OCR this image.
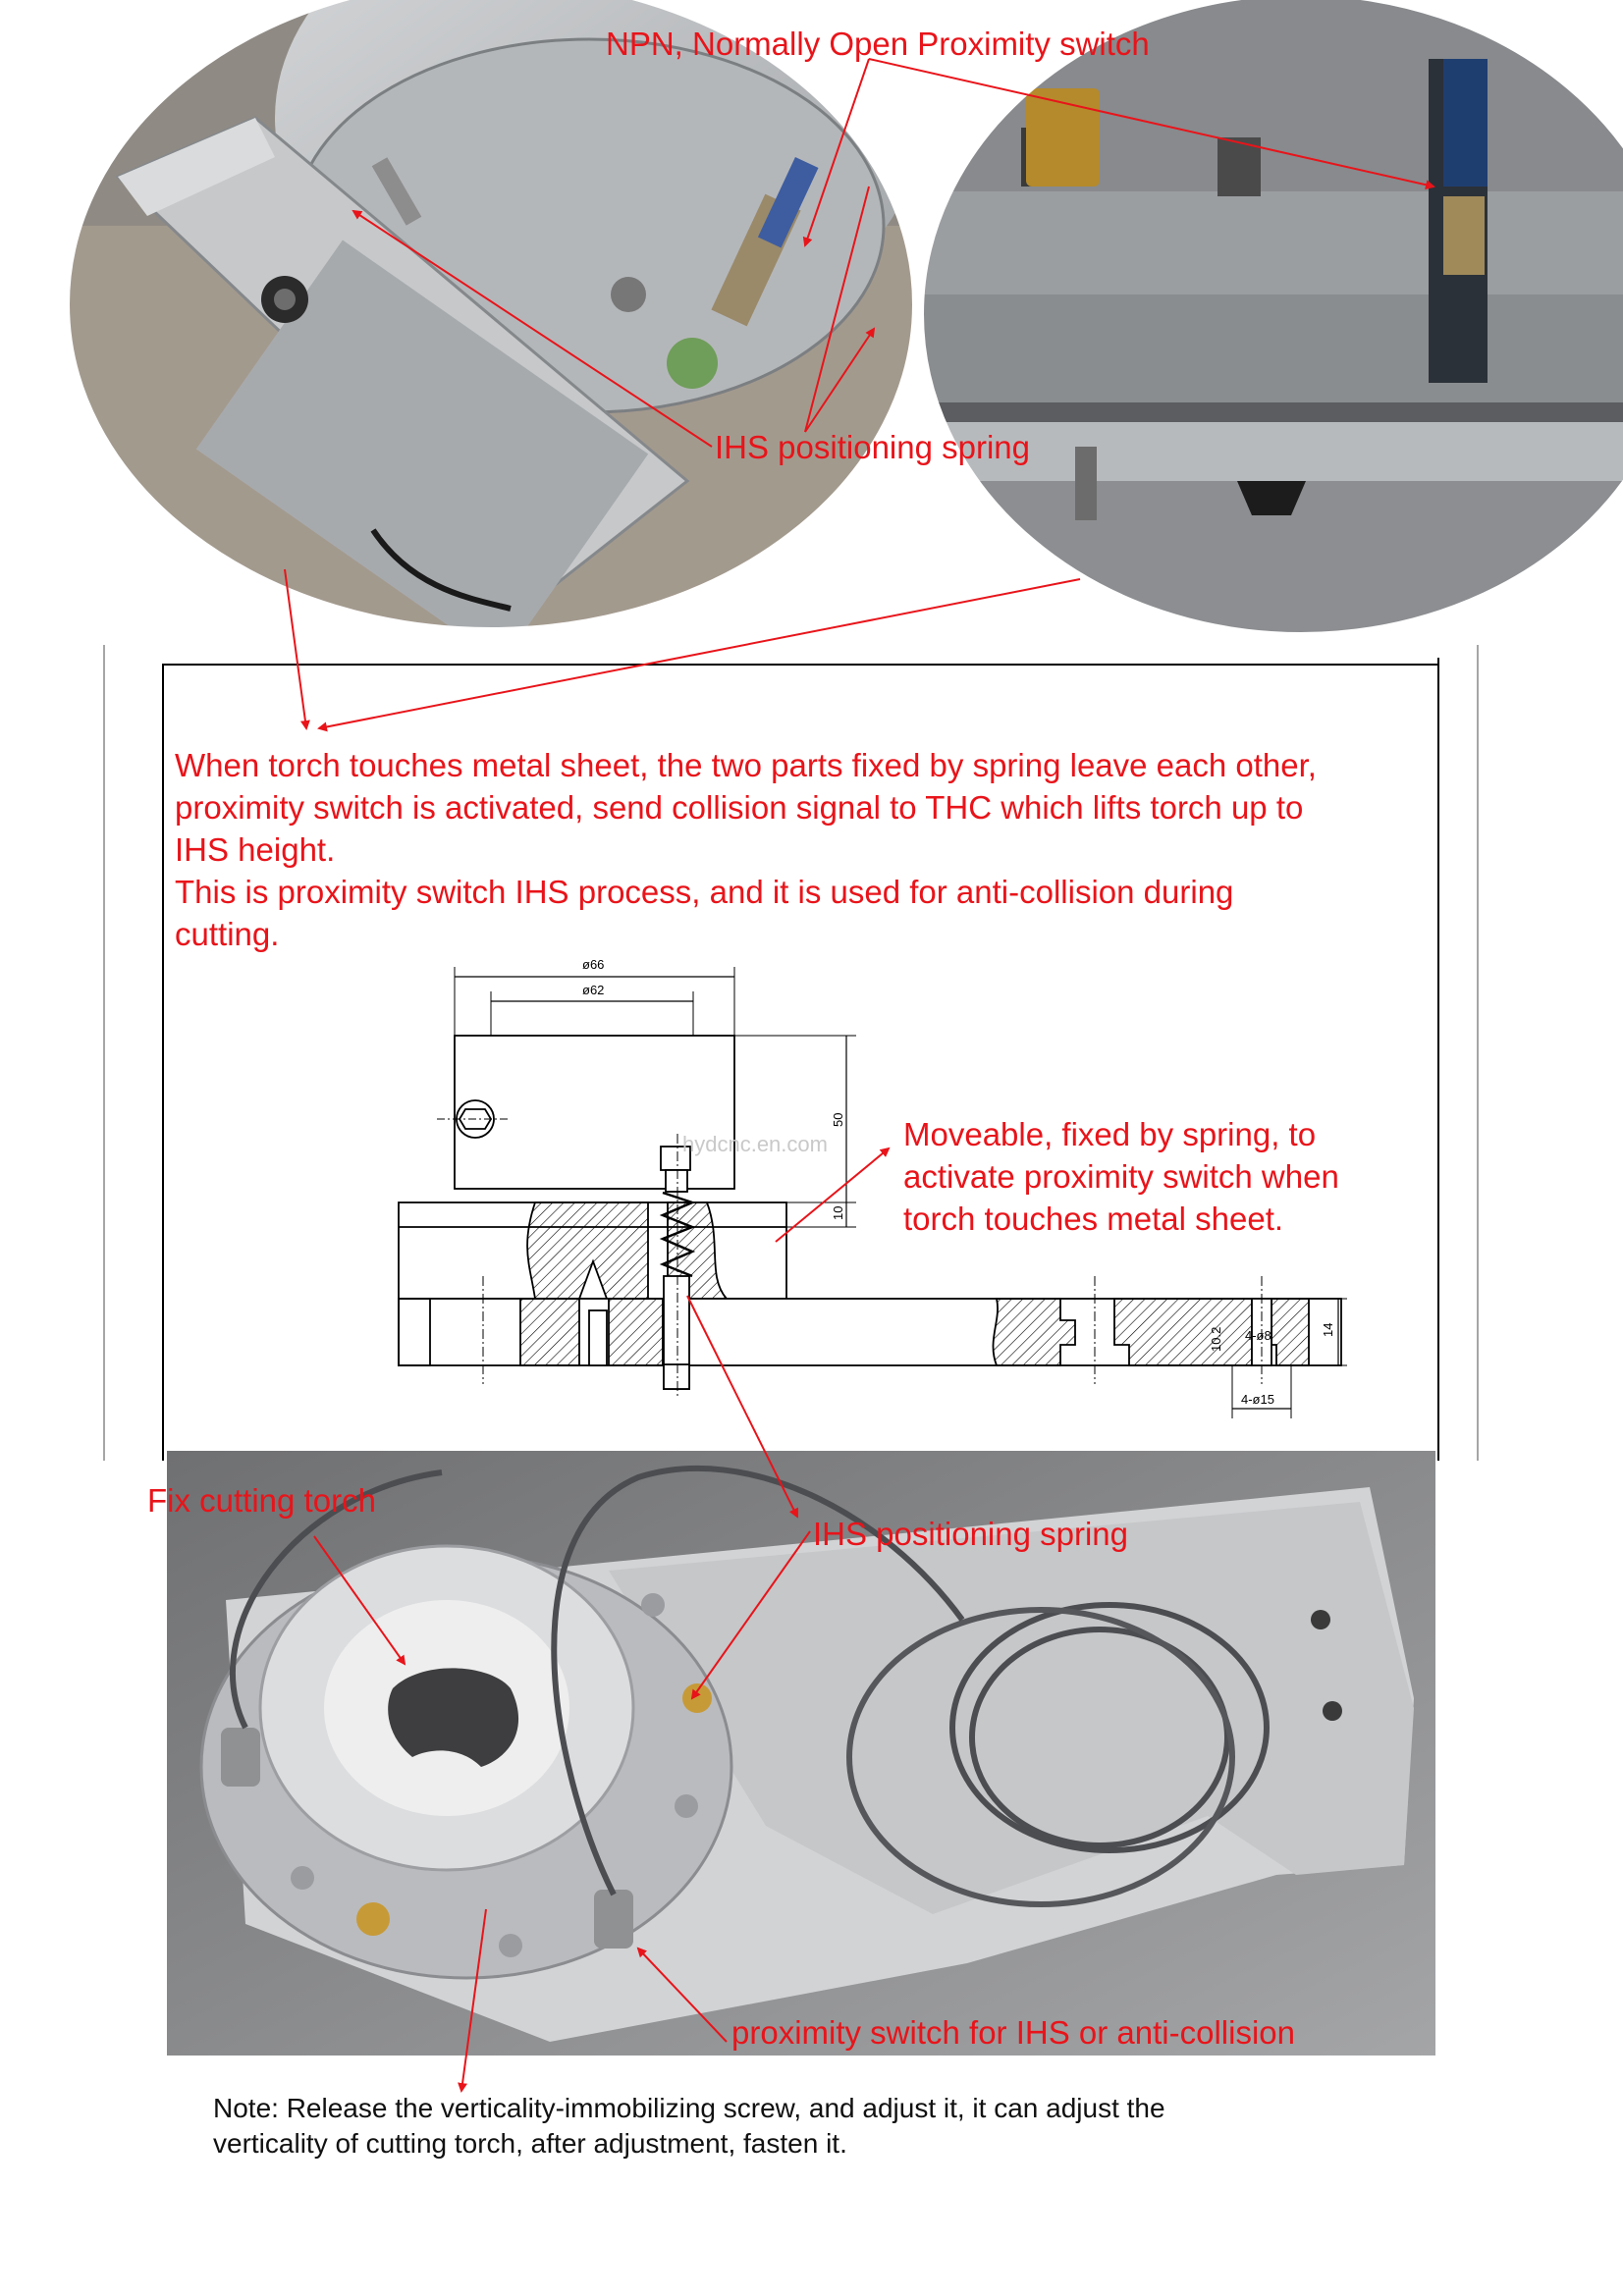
ø66
ø62
50
10
14
10.2 4-ø8
4-ø15
NPN, Normally Open Proximity switch
IHS positioning spring
When torch touches metal sheet, the two parts fixed by spring leave each other,
proximity switch is activated, send collision signal to THC which lifts torch up to
IHS height.
This is proximity switch IHS process, and it is used for anti-collision during
cutting.
hydcnc.en.com Moveable, fixed by spring, to
activate proximity switch when
torch touches metal sheet.
Fix cutting torch
IHS positioning spring
proximity switch for IHS or anti-collision
Note: Release the verticality-immobilizing screw, and adjust it, it can adjust the
verticality of cutting torch, after adjustment, fasten it.
